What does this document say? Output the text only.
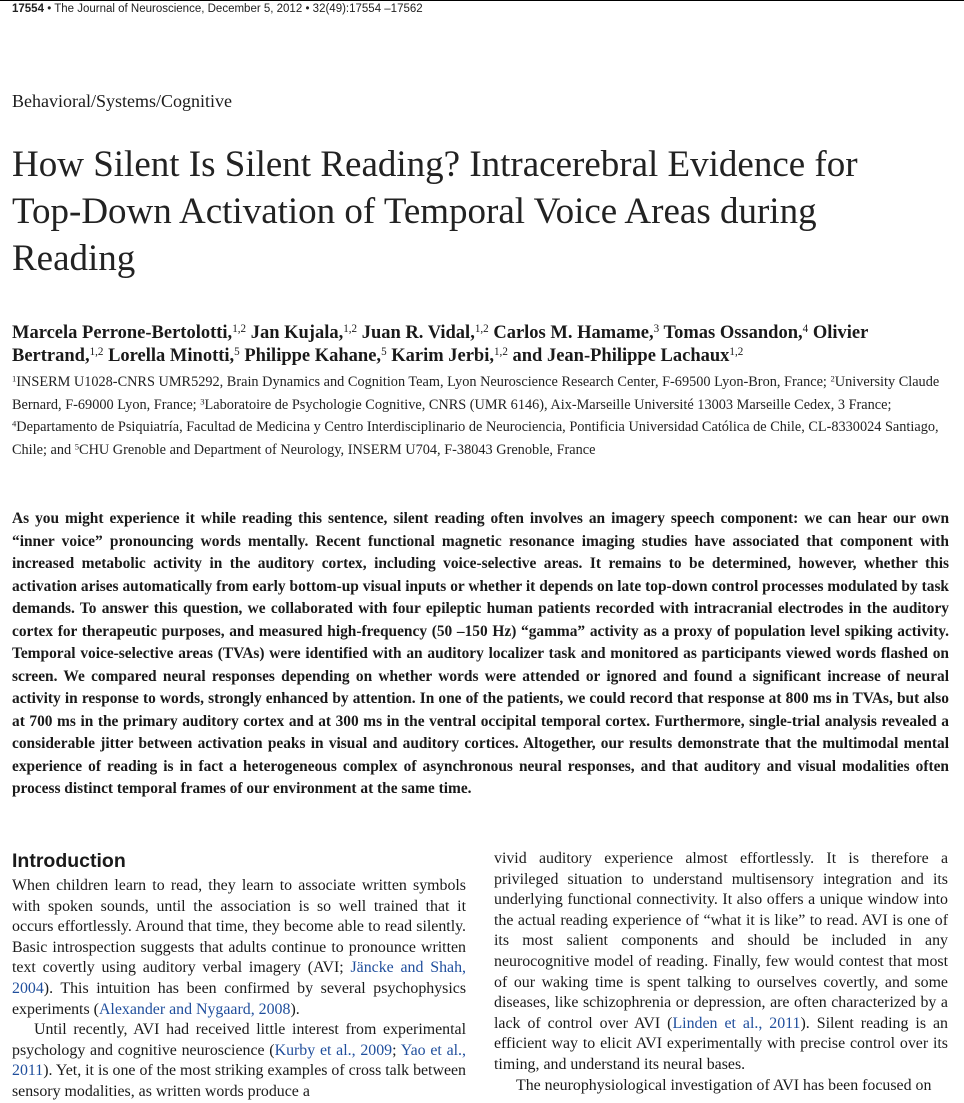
17554 • The Journal of Neuroscience, December 5, 2012 • 32(49):17554 –17562
Behavioral/Systems/Cognitive
How Silent Is Silent Reading? Intracerebral Evidence for Top-Down Activation of Temporal Voice Areas during Reading

Marcela Perrone-Bertolotti,$^{1,2}$ Jan Kujala,$^{1,2}$ Juan R. Vidal,$^{1,2}$ Carlos M. Hamame,$^3$ Tomas Ossandon,$^4$ Olivier Bertrand,$^{1,2}$ Lorella Minotti,$^5$ Philippe Kahane,$^5$ Karim Jerbi,$^{1,2}$ and Jean-Philippe Lachaux$^{1,2}$

$^1$INSERM U1028-CNRS UMR5292, Brain Dynamics and Cognition Team, Lyon Neuroscience Research Center, F-69500 Lyon-Bron, France; $^2$University Claude Bernard, F-69000 Lyon, France; $^3$Laboratoire de Psychologie Cognitive, CNRS (UMR 6146), Aix-Marseille Université 13003 Marseille Cedex, 3 France; $^4$Departamento de Psiquiatría, Facultad de Medicina y Centro Interdisciplinario de Neurociencia, Pontificia Universidad Católica de Chile, CL-8330024 Santiago, Chile; and $^5$CHU Grenoble and Department of Neurology, INSERM U704, F-38043 Grenoble, France

As you might experience it while reading this sentence, silent reading often involves an imagery speech component: we can hear our own “inner voice” pronouncing words mentally. Recent functional magnetic resonance imaging studies have associated that component with increased metabolic activity in the auditory cortex, including voice-selective areas. It remains to be determined, however, whether this activation arises automatically from early bottom-up visual inputs or whether it depends on late top-down control processes modulated by task demands. To answer this question, we collaborated with four epileptic human patients recorded with intracranial electrodes in the auditory cortex for therapeutic purposes, and measured high-frequency (50 –150 Hz) “gamma” activity as a proxy of population level spiking activity. Temporal voice-selective areas (TVAs) were identified with an auditory localizer task and monitored as participants viewed words flashed on screen. We compared neural responses depending on whether words were attended or ignored and found a significant increase of neural activity in response to words, strongly enhanced by attention. In one of the patients, we could record that response at 800 ms in TVAs, but also at 700 ms in the primary auditory cortex and at 300 ms in the ventral occipital temporal cortex. Furthermore, single-trial analysis revealed a considerable jitter between activation peaks in visual and auditory cortices. Altogether, our results demonstrate that the multimodal mental experience of reading is in fact a heterogeneous complex of asynchronous neural responses, and that auditory and visual modalities often process distinct temporal frames of our environment at the same time.

Introduction

When children learn to read, they learn to associate written symbols with spoken sounds, until the association is so well trained that it occurs effortlessly. Around that time, they become able to read silently. Basic introspection suggests that adults continue to pronounce written text covertly using auditory verbal imagery (AVI; Jäncke and Shah, 2004). This intuition has been confirmed by several psychophysics experiments (Alexander and Nygaard, 2008).

Until recently, AVI had received little interest from experimental psychology and cognitive neuroscience (Kurby et al., 2009; Yao et al., 2011). Yet, it is one of the most striking examples of cross talk between sensory modalities, as written words produce a

vivid auditory experience almost effortlessly. It is therefore a privileged situation to understand multisensory integration and its underlying functional connectivity. It also offers a unique window into the actual reading experience of “what it is like” to read. AVI is one of its most salient components and should be included in any neurocognitive model of reading. Finally, few would contest that most of our waking time is spent talking to ourselves covertly, and some diseases, like schizophrenia or depression, are often characterized by a lack of control over AVI (Linden et al., 2011). Silent reading is an efficient way to elicit AVI experimentally with precise control over its timing, and understand its neural bases.

The neurophysiological investigation of AVI has been focused on
